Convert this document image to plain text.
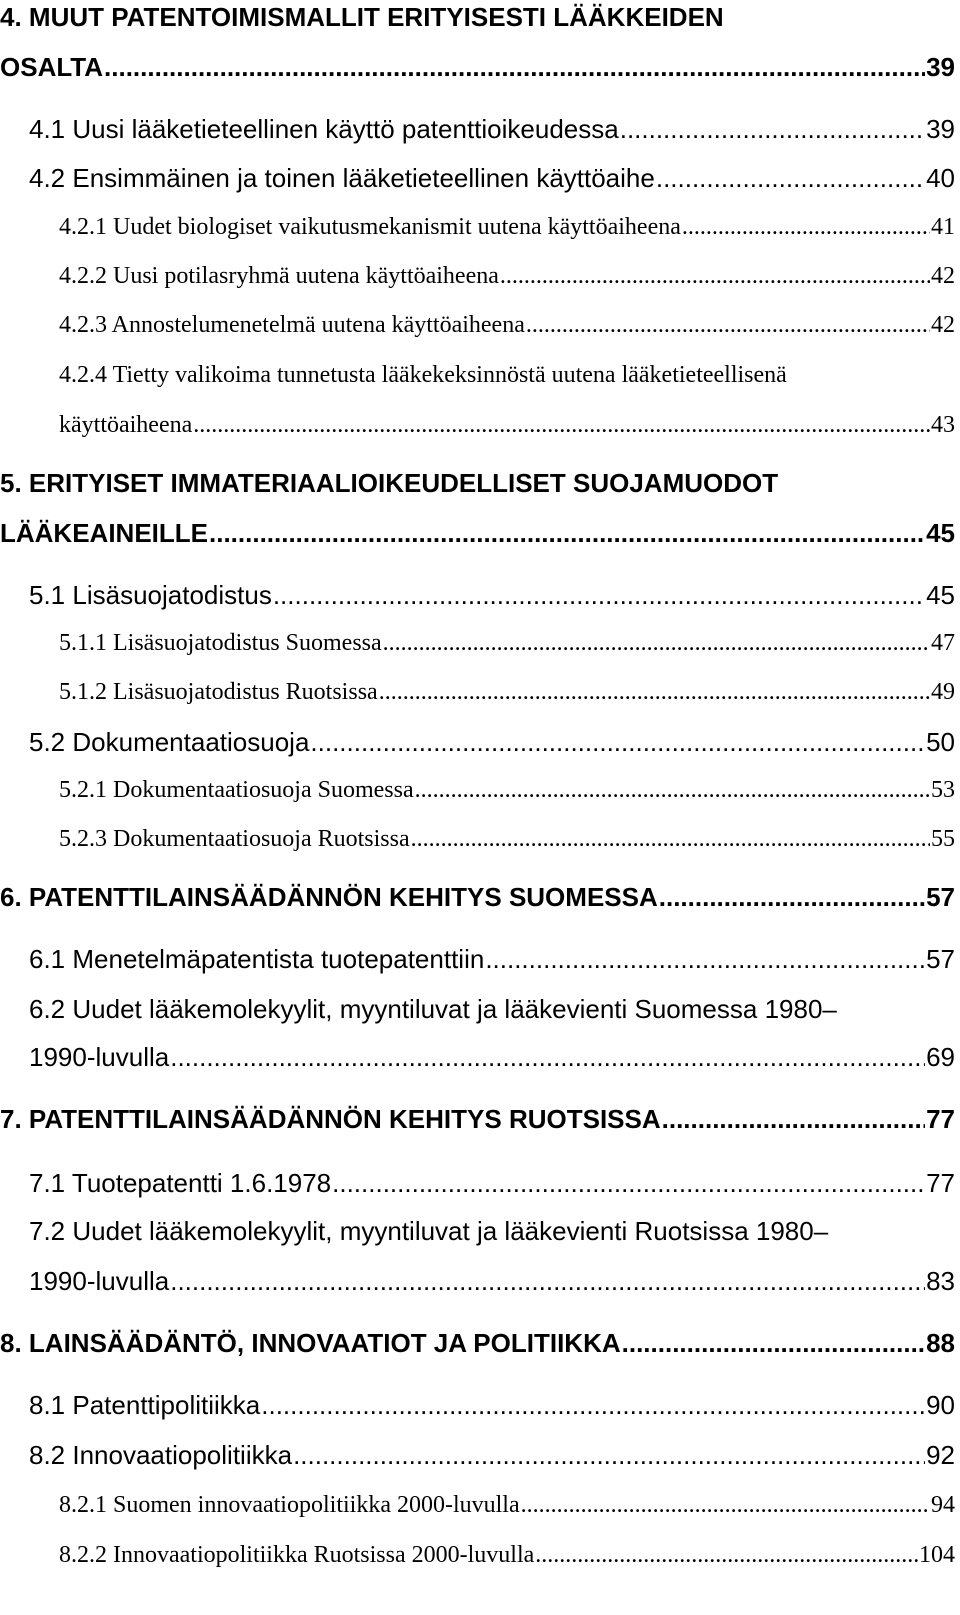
4. MUUT PATENTOIMISMALLIT ERITYISESTI LÄÄKKEIDEN
OSALTA .....	39
4.1 Uusi lääketieteellinen käyttö patenttioikeudessa .....	39
4.2 Ensimmäinen ja toinen lääketieteellinen käyttöaihe .....	40
4.2.1 Uudet biologiset vaikutusmekanismit uutena käyttöaiheena .....	41
4.2.2 Uusi potilasryhmä uutena käyttöaiheena .....	42
4.2.3 Annostelumenetelmä uutena käyttöaiheena .....	42
4.2.4 Tietty valikoima tunnetusta lääkekeksinnöstä uutena lääketieteellisenä
käyttöaiheena .....	43
5. ERITYISET IMMATERIAALIOIKEUDELLISET SUOJAMUODOT
LÄÄKEAINEILLE .....	45
5.1 Lisäsuojatodistus .....	45
5.1.1 Lisäsuojatodistus Suomessa .....	47
5.1.2 Lisäsuojatodistus Ruotsissa .....	49
5.2 Dokumentaatiosuoja .....	50
5.2.1 Dokumentaatiosuoja Suomessa .....	53
5.2.3 Dokumentaatiosuoja Ruotsissa .....	55
6. PATENTTILAINSÄÄDÄNNÖN KEHITYS SUOMESSA .....	57
6.1 Menetelmäpatentista tuotepatenttiin .....	57
6.2 Uudet lääkemolekyylit, myyntiluvat ja lääkevienti Suomessa 1980–
1990-luvulla .....	69
7. PATENTTILAINSÄÄDÄNNÖN KEHITYS RUOTSISSA .....	77
7.1 Tuotepatentti 1.6.1978 .....	77
7.2 Uudet lääkemolekyylit, myyntiluvat ja lääkevienti Ruotsissa 1980–
1990-luvulla .....	83
8. LAINSÄÄDÄNTÖ, INNOVAATIOT JA POLITIIKKA .....	88
8.1 Patenttipolitiikka .....	90
8.2 Innovaatiopolitiikka .....	92
8.2.1 Suomen innovaatiopolitiikka 2000-luvulla .....	94
8.2.2 Innovaatiopolitiikka Ruotsissa 2000-luvulla .....	104
